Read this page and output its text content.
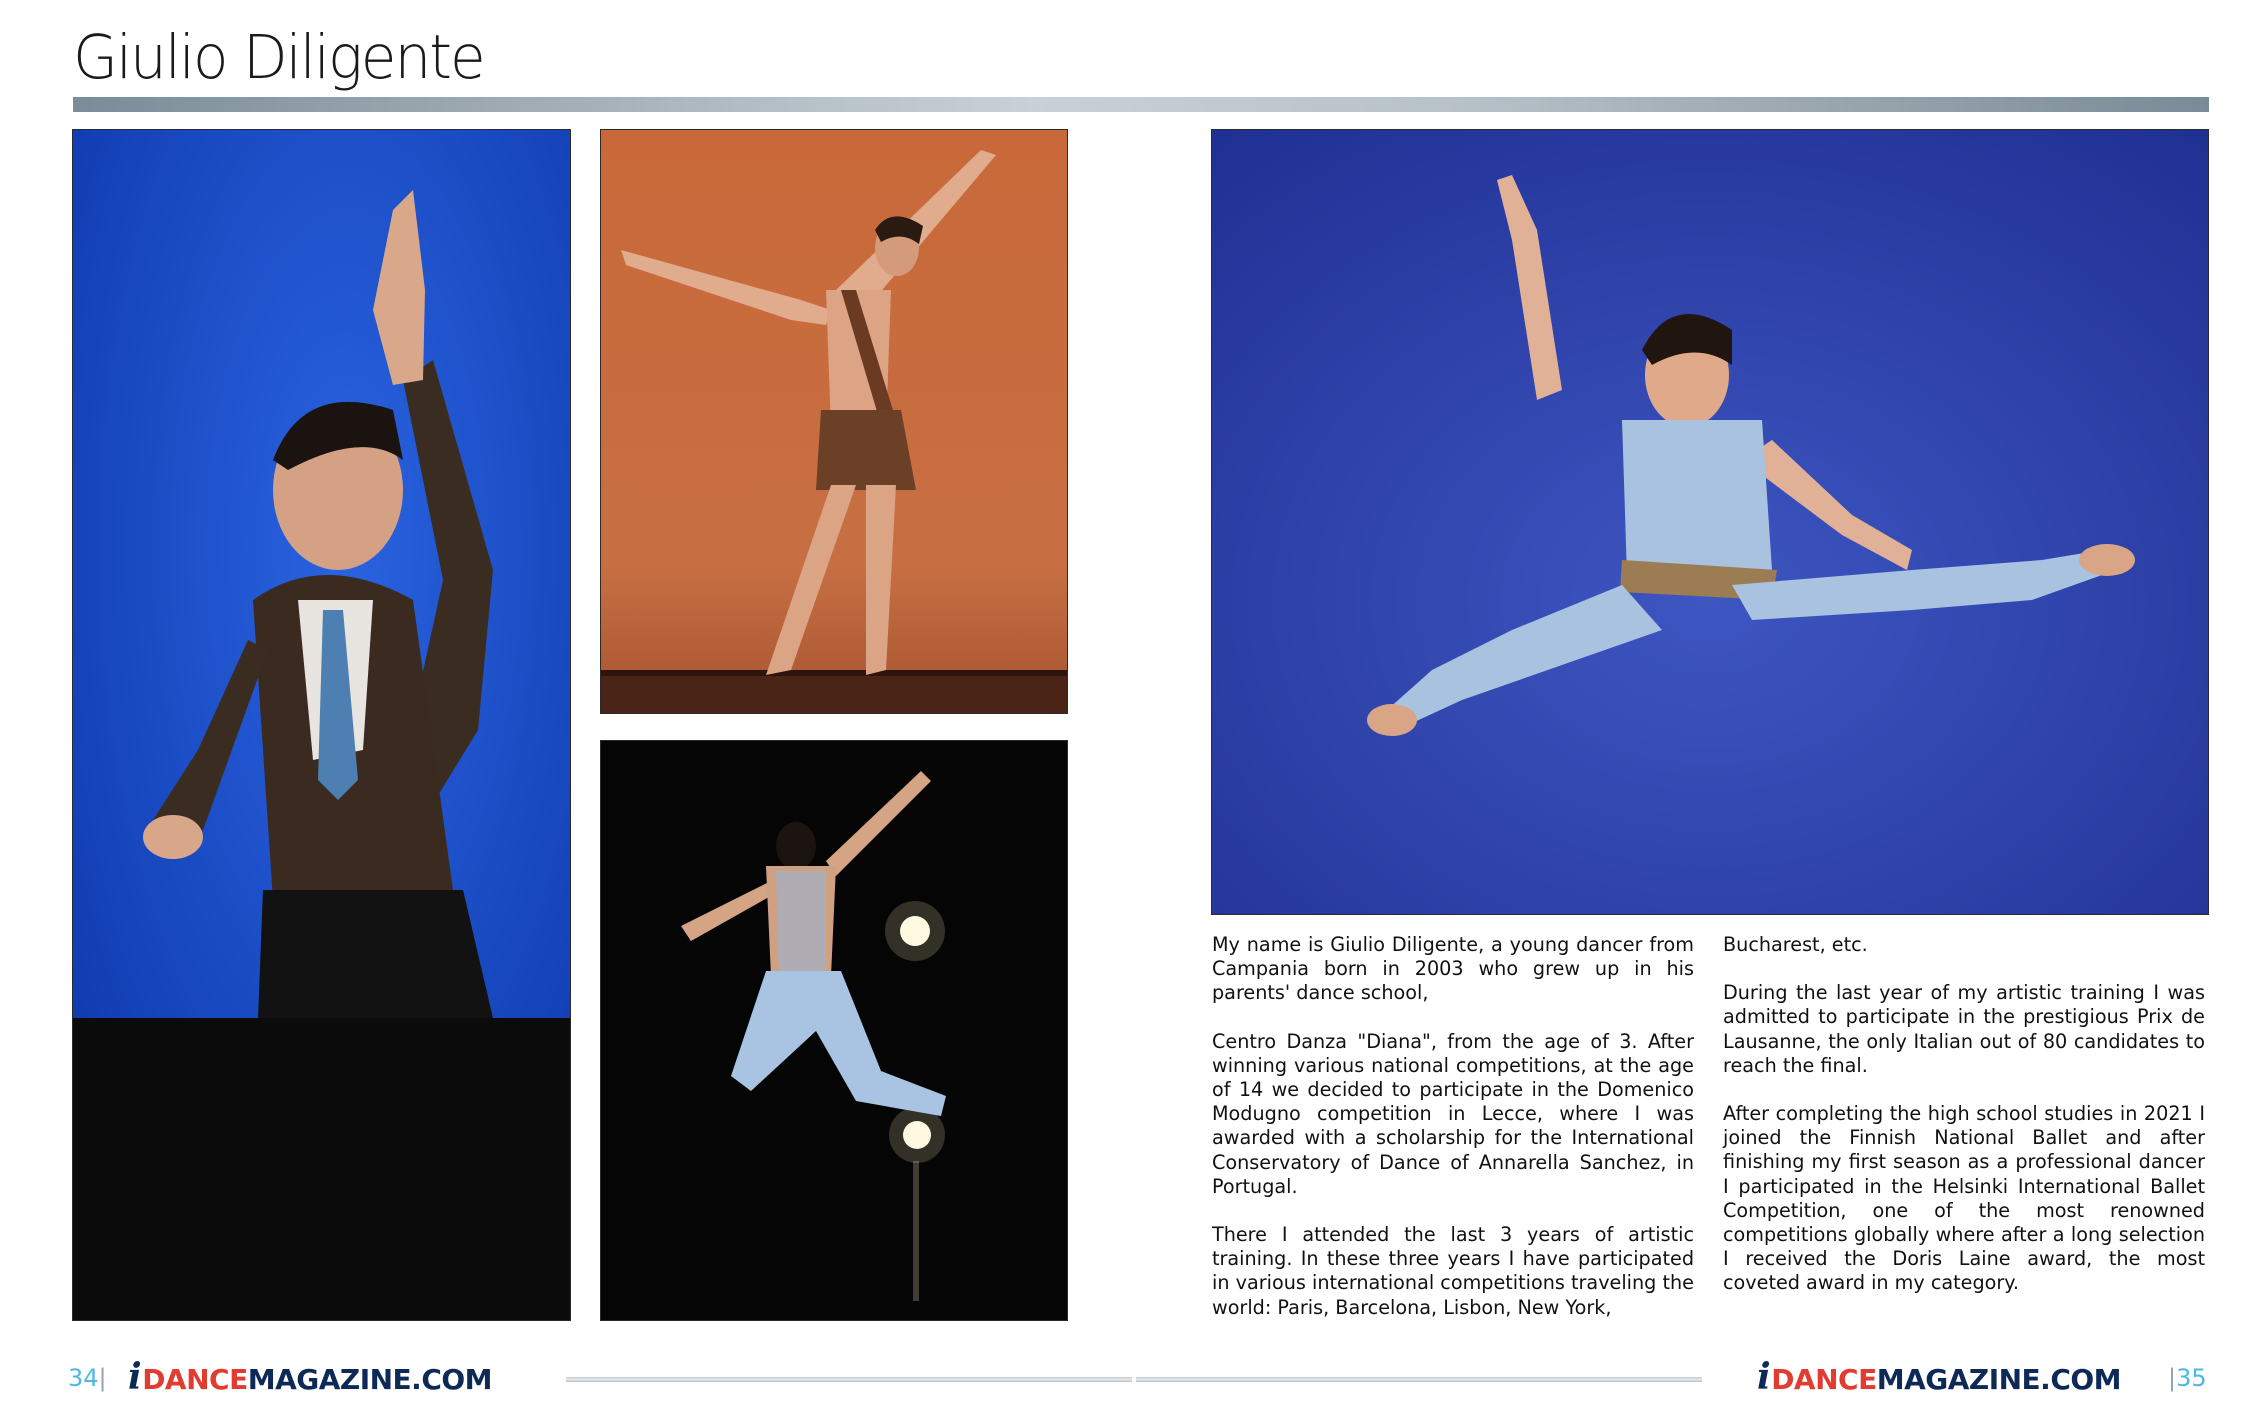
Giulio Diligente

My name is Giulio Diligente, a young dancer from Campania born in 2003 who grew up in his parents' dance school,

Centro Danza "Diana", from the age of 3. After winning various national competitions, at the age of 14 we decided to participate in the Domenico Modugno competition in Lecce, where I was awarded with a scholarship for the International Conservatory of Dance of Annarella Sanchez, in Portugal.

There I attended the last 3 years of artistic training. In these three years I have participated in various international competitions traveling the world: Paris, Barcelona, Lisbon, New York,

Bucharest, etc.

During the last year of my artistic training I was admitted to participate in the prestigious Prix de Lausanne, the only Italian out of 80 candidates to reach the final.

After completing the high school studies in 2021 I joined the Finnish National Ballet and after finishing my first season as a professional dancer I participated in the Helsinki International Ballet Competition, one of the most renowned competitions globally where after a long selection I received the Doris Laine award, the most coveted award in my category.

34| i DANCE MAGAZINE.COM	i DANCE MAGAZINE.COM |35
